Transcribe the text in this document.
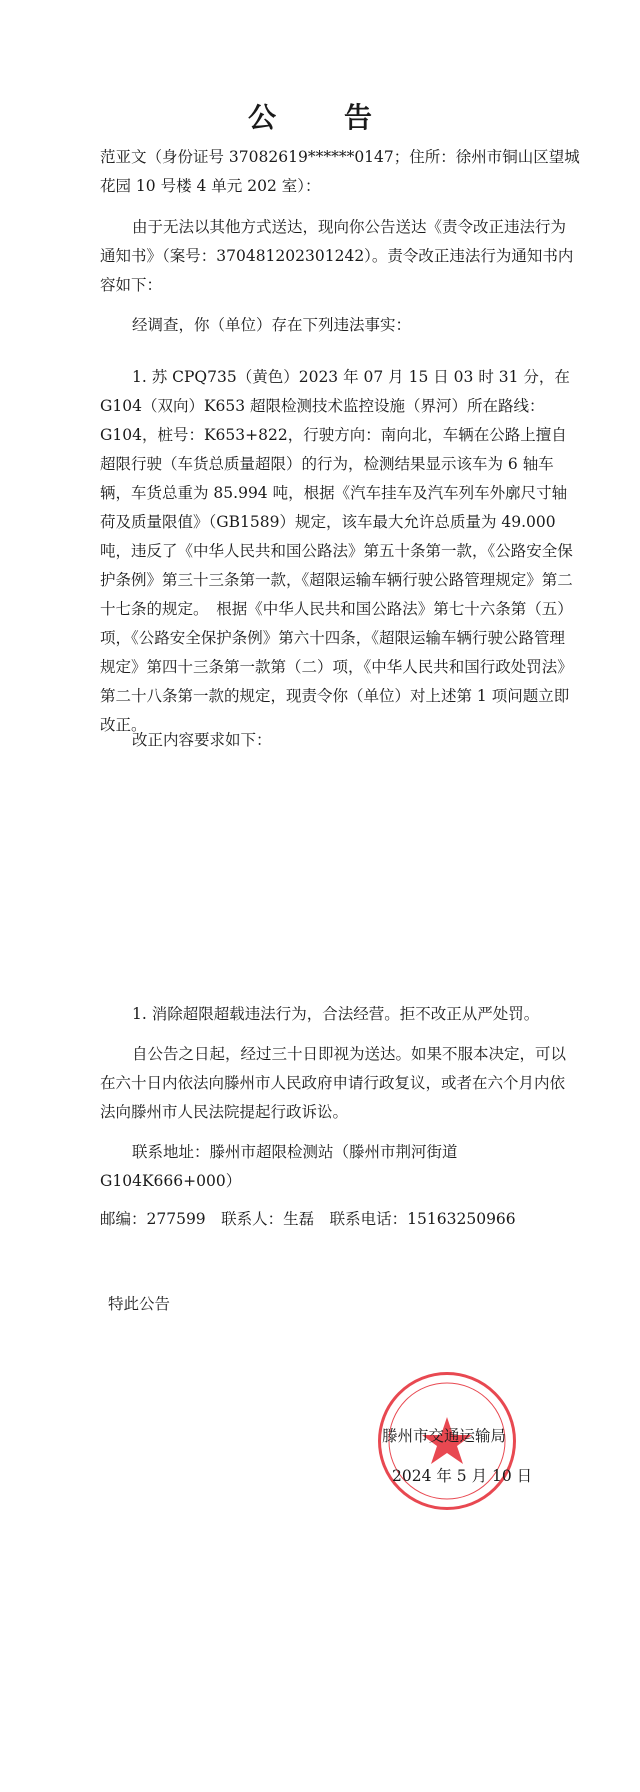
公　告

范亚文（身份证号 37082619******0147；住所：徐州市铜山区望城花园 10 号楼 4 单元 202 室）：

由于无法以其他方式送达，现向你公告送达《责令改正违法行为通知书》（案号：370481202301242）。责令改正违法行为通知书内容如下：

经调查，你（单位）存在下列违法事实：

1. 苏 CPQ735（黄色）2023 年 07 月 15 日 03 时 31 分，在 G104（双向）K653 超限检测技术监控设施（界河）所在路线：G104，桩号：K653+822，行驶方向：南向北，车辆在公路上擅自超限行驶（车货总质量超限）的行为，检测结果显示该车为 6 轴车辆，车货总重为 85.994 吨，根据《汽车挂车及汽车列车外廓尺寸轴荷及质量限值》（GB1589）规定，该车最大允许总质量为 49.000 吨，违反了《中华人民共和国公路法》第五十条第一款，《公路安全保护条例》第三十三条第一款，《超限运输车辆行驶公路管理规定》第二十七条的规定。　根据《中华人民共和国公路法》第七十六条第（五）项，《公路安全保护条例》第六十四条，《超限运输车辆行驶公路管理规定》第四十三条第一款第（二）项，《中华人民共和国行政处罚法》第二十八条第一款的规定，现责令你（单位）对上述第 1 项问题立即改正。

改正内容要求如下：

1. 消除超限超载违法行为，合法经营。拒不改正从严处罚。

自公告之日起，经过三十日即视为送达。如果不服本决定，可以在六十日内依法向滕州市人民政府申请行政复议，或者在六个月内依法向滕州市人民法院提起行政诉讼。

联系地址：滕州市超限检测站（滕州市荆河街道 G104K666+000）

邮编：277599　联系人：生磊　联系电话：15163250966

特此公告

滕州市交通运输局
2024 年 5 月 10 日
